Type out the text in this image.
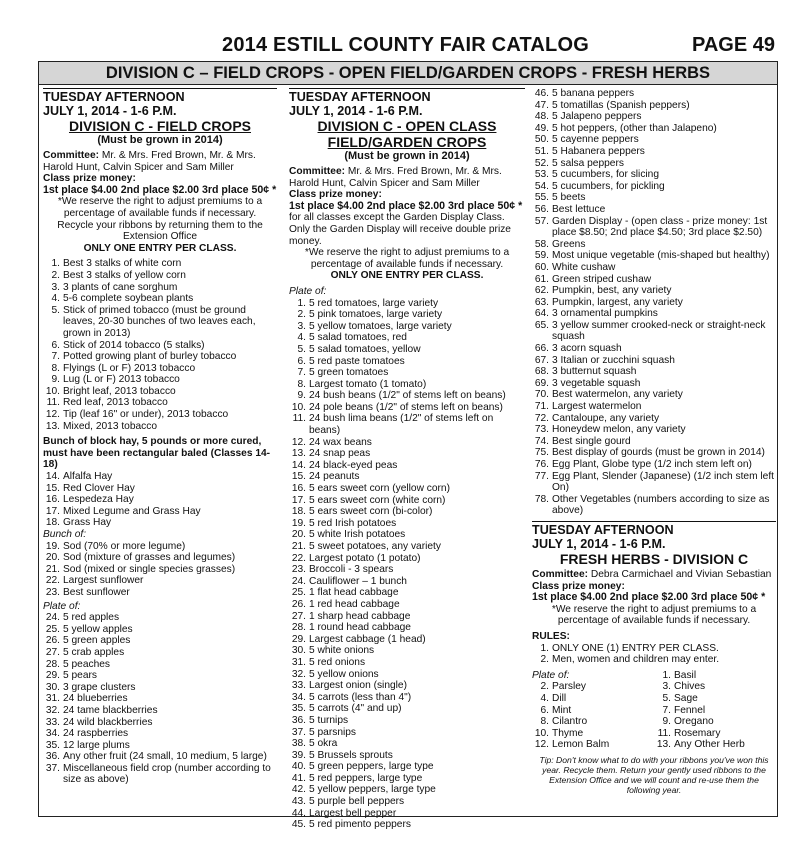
2014 ESTILL COUNTY FAIR CATALOG	PAGE 49
DIVISION C – FIELD CROPS - OPEN FIELD/GARDEN CROPS - FRESH HERBS
TUESDAY AFTERNOON
JULY 1, 2014 - 1-6 P.M.
DIVISION C - FIELD CROPS
(Must be grown in 2014)
Committee: Mr. & Mrs. Fred Brown, Mr. & Mrs. Harold Hunt, Calvin Spicer and Sam Miller
Class prize money:
1st place $4.00 2nd place $2.00 3rd place 50¢ *
*We reserve the right to adjust premiums to a percentage of available funds if necessary.
Recycle your ribbons by returning them to the Extension Office
ONLY ONE ENTRY PER CLASS.
1. Best 3 stalks of white corn
2. Best 3 stalks of yellow corn
3. 3 plants of cane sorghum
4. 5-6 complete soybean plants
5. Stick of primed tobacco (must be ground leaves, 20-30 bunches of two leaves each, grown in 2013)
6. Stick of 2014 tobacco (5 stalks)
7. Potted growing plant of burley tobacco
8. Flyings (L or F) 2013 tobacco
9. Lug (L or F) 2013 tobacco
10. Bright leaf, 2013 tobacco
11. Red leaf, 2013 tobacco
12. Tip (leaf 16" or under), 2013 tobacco
13. Mixed, 2013 tobacco
Bunch of block hay, 5 pounds or more cured, must have been rectangular baled (Classes 14-18)
14. Alfalfa Hay
15. Red Clover Hay
16. Lespedeza Hay
17. Mixed Legume and Grass Hay
18. Grass Hay
Bunch of:
19. Sod (70% or more legume)
20. Sod (mixture of grasses and legumes)
21. Sod (mixed or single species grasses)
22. Largest sunflower
23. Best sunflower
Plate of:
24. 5 red apples
25. 5 yellow apples
26. 5 green apples
27. 5 crab apples
28. 5 peaches
29. 5 pears
30. 3 grape clusters
31. 24 blueberries
32. 24 tame blackberries
33. 24 wild blackberries
34. 24 raspberries
35. 12 large plums
36. Any other fruit (24 small, 10 medium, 5 large)
37. Miscellaneous field crop (number according to size as above)
TUESDAY AFTERNOON
JULY 1, 2014 - 1-6 P.M.
DIVISION C - OPEN CLASS
FIELD/GARDEN CROPS
(Must be grown in 2014)
Committee: Mr. & Mrs. Fred Brown, Mr. & Mrs. Harold Hunt, Calvin Spicer and Sam Miller
Class prize money:
1st place $4.00 2nd place $2.00 3rd place 50¢ *
for all classes except the Garden Display Class. Only the Garden Display will receive double prize money.
*We reserve the right to adjust premiums to a percentage of available funds if necessary.
ONLY ONE ENTRY PER CLASS.
Plate of:
1. 5 red tomatoes, large variety
2. 5 pink tomatoes, large variety
3. 5 yellow tomatoes, large variety
4. 5 salad tomatoes, red
5. 5 salad tomatoes, yellow
6. 5 red paste tomatoes
7. 5 green tomatoes
8. Largest tomato (1 tomato)
9. 24 bush beans (1/2" of stems left on beans)
10. 24 pole beans (1/2" of stems left on beans)
11. 24 bush lima beans (1/2" of stems left on beans)
12. 24 wax beans
13. 24 snap peas
14. 24 black-eyed peas
15. 24 peanuts
16. 5 ears sweet corn (yellow corn)
17. 5 ears sweet corn (white corn)
18. 5 ears sweet corn (bi-color)
19. 5 red Irish potatoes
20. 5 white Irish potatoes
21. 5 sweet potatoes, any variety
22. Largest potato (1 potato)
23. Broccoli - 3 spears
24. Cauliflower – 1 bunch
25. 1 flat head cabbage
26. 1 red head cabbage
27. 1 sharp head cabbage
28. 1 round head cabbage
29. Largest cabbage (1 head)
30. 5 white onions
31. 5 red onions
32. 5 yellow onions
33. Largest onion (single)
34. 5 carrots (less than 4")
35. 5 carrots (4" and up)
36. 5 turnips
37. 5 parsnips
38. 5 okra
39. 5 Brussels sprouts
40. 5 green peppers, large type
41. 5 red peppers, large type
42. 5 yellow peppers, large type
43. 5 purple bell peppers
44. Largest bell pepper
45. 5 red pimento peppers
46. 5 banana peppers
47. 5 tomatillas (Spanish peppers)
48. 5 Jalapeno peppers
49. 5 hot peppers, (other than Jalapeno)
50. 5 cayenne peppers
51. 5 Habanera peppers
52. 5 salsa peppers
53. 5 cucumbers, for slicing
54. 5 cucumbers, for pickling
55. 5 beets
56. Best lettuce
57. Garden Display - (open class - prize money: 1st place $8.50; 2nd place $4.50; 3rd place $2.50)
58. Greens
59. Most unique vegetable (mis-shaped but healthy)
60. White cushaw
61. Green striped cushaw
62. Pumpkin, best, any variety
63. Pumpkin, largest, any variety
64. 3 ornamental pumpkins
65. 3 yellow summer crooked-neck or straight-neck squash
66. 3 acorn squash
67. 3 Italian or zucchini squash
68. 3 butternut squash
69. 3 vegetable squash
70. Best watermelon, any variety
71. Largest watermelon
72. Cantaloupe, any variety
73. Honeydew melon, any variety
74. Best single gourd
75. Best display of gourds (must be grown in 2014)
76. Egg Plant, Globe type (1/2 inch stem left on)
77. Egg Plant, Slender (Japanese) (1/2 inch stem left On)
78. Other Vegetables (numbers according to size as above)
TUESDAY AFTERNOON
JULY 1, 2014 - 1-6 P.M.
FRESH HERBS - DIVISION C
Committee: Debra Carmichael and Vivian Sebastian
Class prize money:
1st place $4.00 2nd place $2.00 3rd place 50¢ *
*We reserve the right to adjust premiums to a percentage of available funds if necessary.
RULES:
1. ONLY ONE (1) ENTRY PER CLASS.
2. Men, women and children may enter.
Plate of:
2. Parsley
4. Dill
6. Mint
8. Cilantro
10. Thyme
12. Lemon Balm
1. Basil
3. Chives
5. Sage
7. Fennel
9. Oregano
11. Rosemary
13. Any Other Herb
Tip: Don't know what to do with your ribbons you've won this year. Recycle them. Return your gently used ribbons to the Extension Office and we will count and re-use them the following year.
